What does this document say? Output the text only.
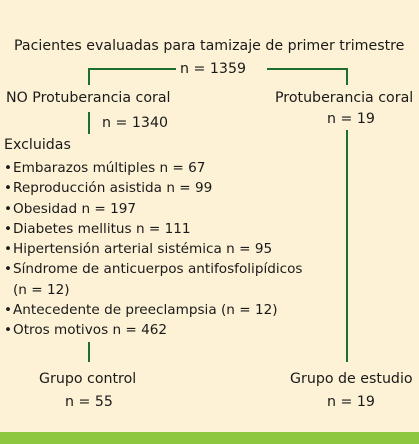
Pacientes evaluadas para tamizaje de primer trimestre
n = 1359
NO Protuberancia coral
n = 1340
Protuberancia coral
n = 19
Excluidas
•Embarazos múltiples n = 67
•Reproducción asistida n = 99
•Obesidad n = 197
•Diabetes mellitus n = 111
•Hipertensión arterial sistémica n = 95
•Síndrome de anticuerpos antifosfolipídicos
(n = 12)
•Antecedente de preeclampsia (n = 12)
•Otros motivos n = 462
Grupo control
n = 55
Grupo de estudio
n = 19
